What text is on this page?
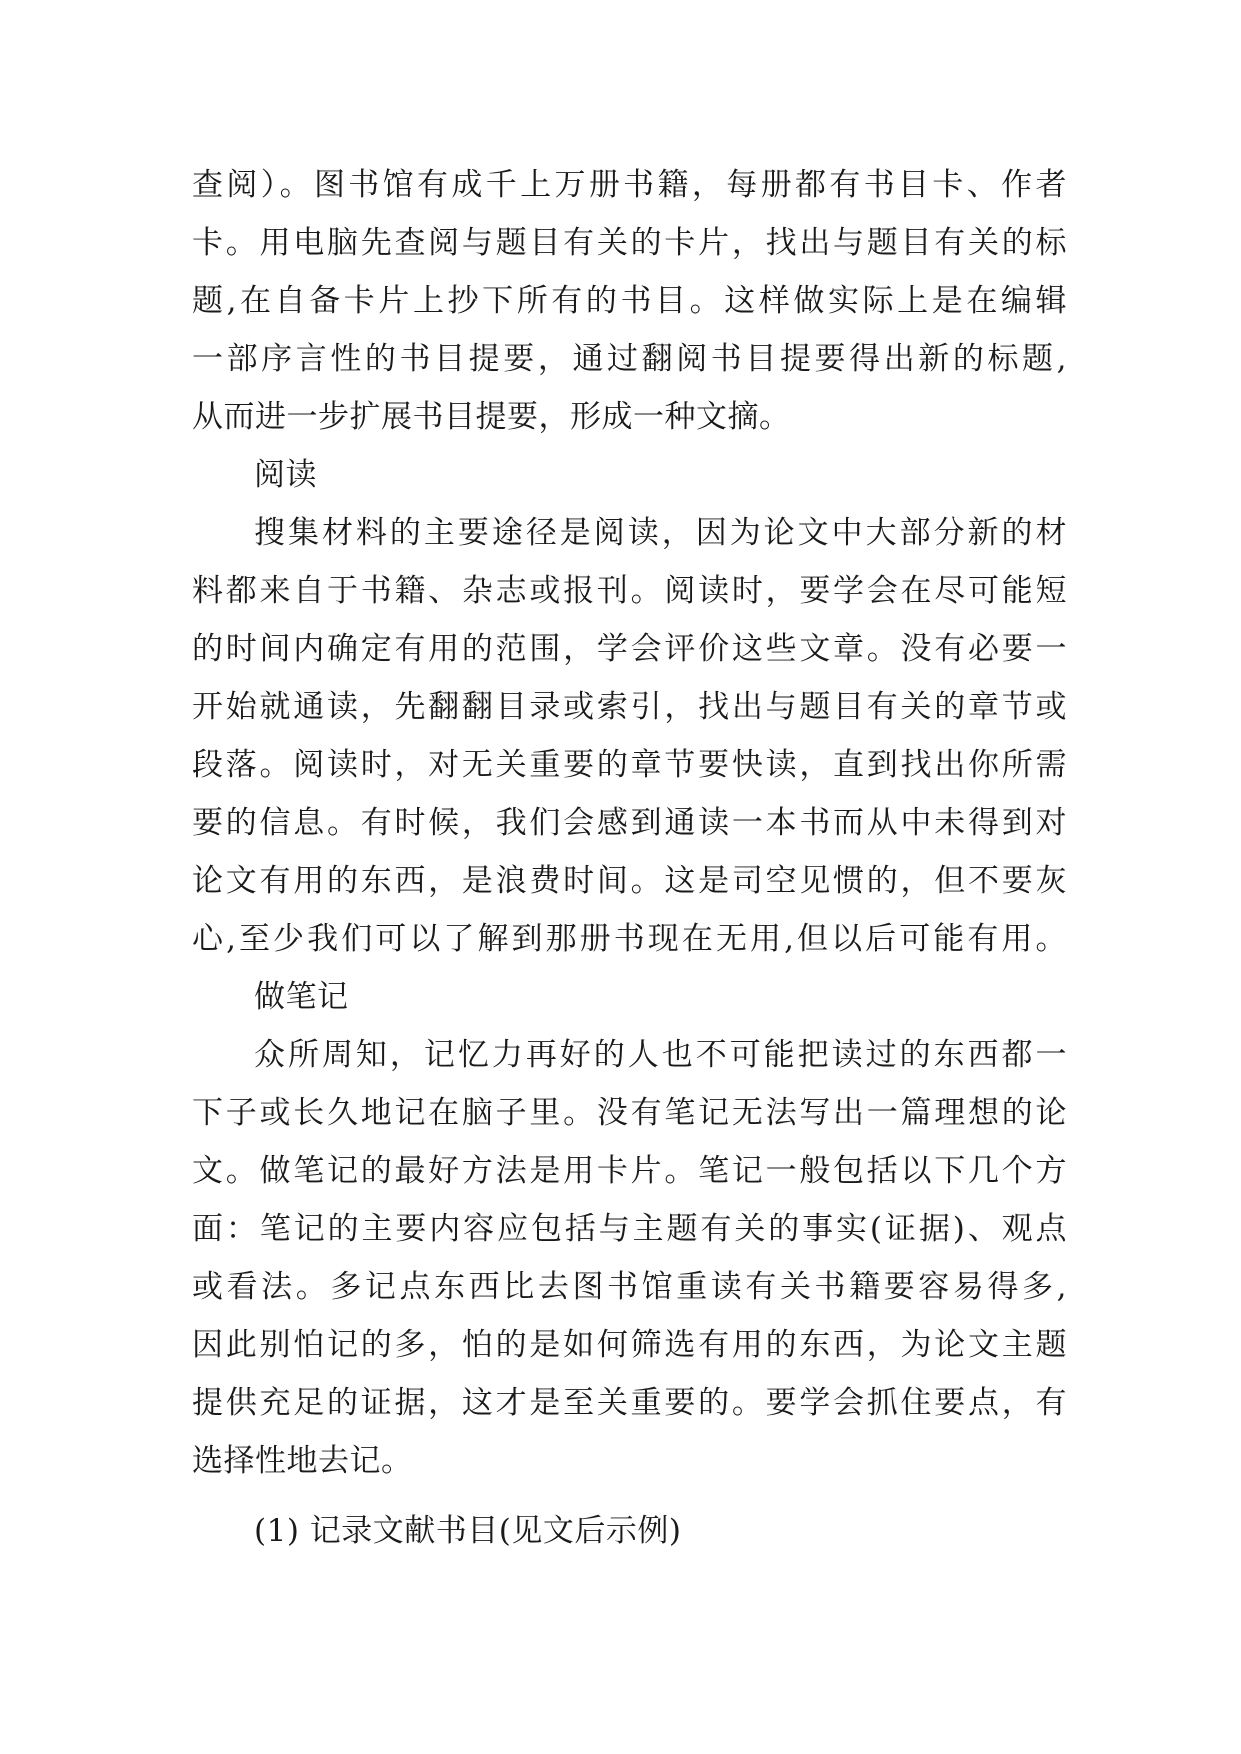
查阅）。图书馆有成千上万册书籍，每册都有书目卡、作者
卡。用电脑先查阅与题目有关的卡片，找出与题目有关的标
题,在自备卡片上抄下所有的书目。这样做实际上是在编辑
一部序言性的书目提要，通过翻阅书目提要得出新的标题,
从而进一步扩展书目提要，形成一种文摘。
阅读
搜集材料的主要途径是阅读，因为论文中大部分新的材
料都来自于书籍、杂志或报刊。阅读时，要学会在尽可能短
的时间内确定有用的范围，学会评价这些文章。没有必要一
开始就通读，先翻翻目录或索引，找出与题目有关的章节或
段落。阅读时，对无关重要的章节要快读，直到找出你所需
要的信息。有时候，我们会感到通读一本书而从中未得到对
论文有用的东西，是浪费时间。这是司空见惯的，但不要灰
心,至少我们可以了解到那册书现在无用,但以后可能有用。
做笔记
众所周知，记忆力再好的人也不可能把读过的东西都一
下子或长久地记在脑子里。没有笔记无法写出一篇理想的论
文。做笔记的最好方法是用卡片。笔记一般包括以下几个方
面：笔记的主要内容应包括与主题有关的事实(证据)、观点
或看法。多记点东西比去图书馆重读有关书籍要容易得多,
因此别怕记的多，怕的是如何筛选有用的东西，为论文主题
提供充足的证据，这才是至关重要的。要学会抓住要点，有
选择性地去记。
(1) 记录文献书目(见文后示例)
